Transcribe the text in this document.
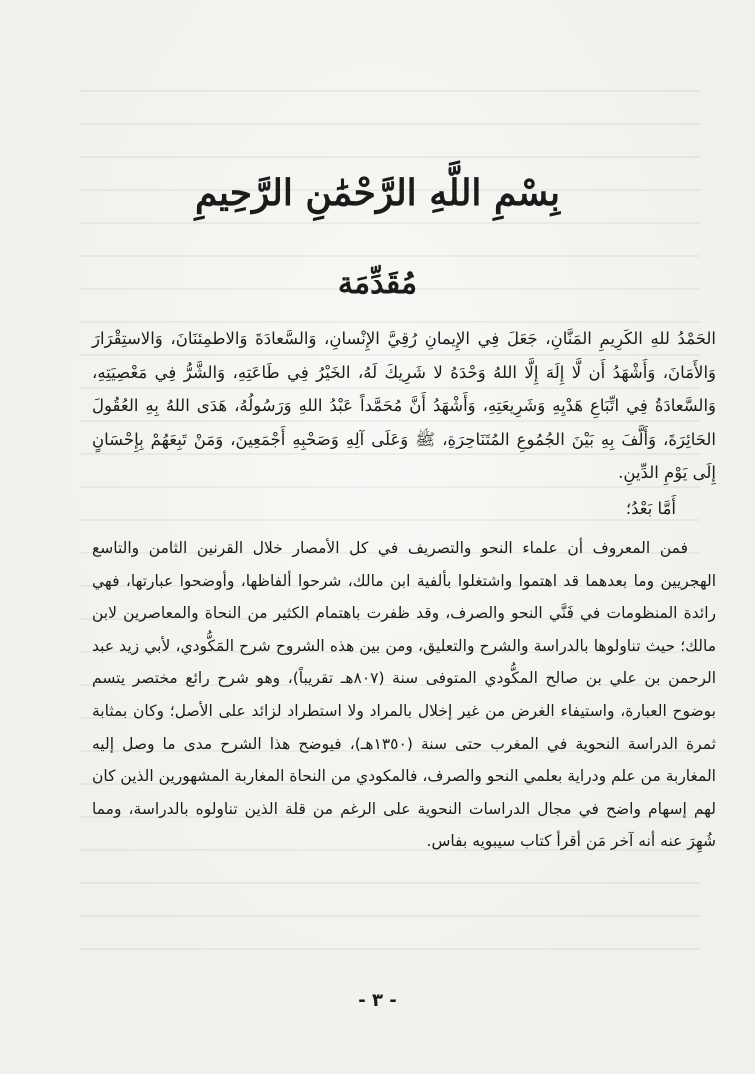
بِسْمِ اللَّهِ الرَّحْمَٰنِ الرَّحِيمِ
مُقَدِّمَة
الحَمْدُ للهِ الكَرِيمِ المَنَّانِ، جَعَلَ فِي الإِيمانِ رُقِيَّ الإِنْسانِ، وَالسَّعادَةَ وَالاطمِئنَانَ، وَالاستِقْرَارَ وَالأَمَانَ، وَأَشْهَدُ أَن لَّا إِلَهَ إِلَّا اللهُ وَحْدَهُ لا شَرِيكَ لَهُ، الخَيْرُ فِي طَاعَتِهِ، وَالشَّرُّ فِي مَعْصِيَتِهِ، وَالسَّعادَةُ فِي اتِّبَاعِ هَدْيِهِ وَشَرِيعَتِهِ، وَأَشْهَدُ أَنَّ مُحَمَّداً عَبْدُ اللهِ وَرَسُولُهُ، هَدَى اللهُ بِهِ العُقُولَ الحَائِرَةَ، وَأَلَّفَ بِهِ بَيْنَ الجُمُوعِ المُتَنَاحِرَةِ، ﷺ وَعَلَى آلِهِ وَصَحْبِهِ أَجْمَعِينَ، وَمَنْ تَبِعَهُمْ بِإِحْسَانٍ إِلَى يَوْمِ الدِّينِ.
أَمَّا بَعْدُ؛
فمن المعروف أن علماء النحو والتصريف في كل الأمصار خلال القرنين الثامن والتاسع الهجريين وما بعدهما قد اهتموا واشتغلوا بألفية ابن مالك، شرحوا ألفاظها، وأوضحوا عبارتها، فهي رائدة المنظومات في فَنَّي النحو والصرف، وقد ظفرت باهتمام الكثير من النحاة والمعاصرين لابن مالك؛ حيث تناولوها بالدراسة والشرح والتعليق، ومن بين هذه الشروح شرح المَكُّودي، لأبي زيد عبد الرحمن بن علي بن صالح المكُّودي المتوفى سنة (٨٠٧هـ تقريباً)، وهو شرح رائع مختصر يتسم بوضوح العبارة، واستيفاء الغرض من غير إخلال بالمراد ولا استطراد لزائد على الأصل؛ وكان بمثابة ثمرة الدراسة النحوية في المغرب حتى سنة (١٣٥٠هـ)، فيوضح هذا الشرح مدى ما وصل إليه المغاربة من علم ودراية بعلمي النحو والصرف، فالمكودي من النحاة المغاربة المشهورين الذين كان لهم إسهام واضح في مجال الدراسات النحوية على الرغم من قلة الذين تناولوه بالدراسة، ومما شُهِرَ عنه أنه آخر مَن أقرأ كتاب سيبويه بفاس.
- ٣ -
